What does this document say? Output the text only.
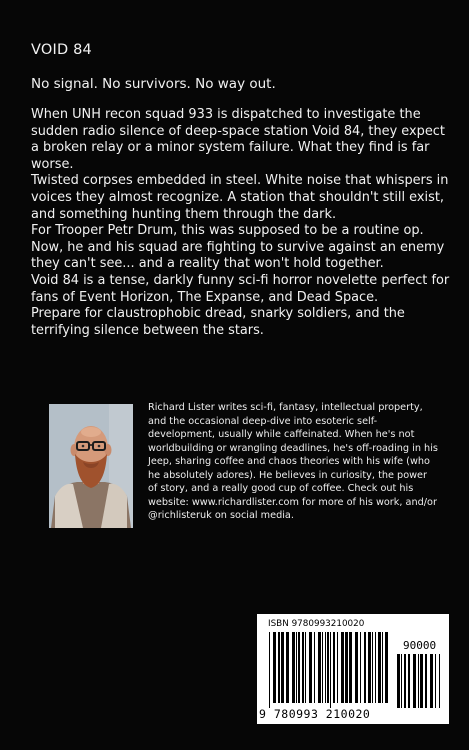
VOID 84
No signal. No survivors. No way out.

When UNH recon squad 933 is dispatched to investigate the sudden radio silence of deep-space station Void 84, they expect a broken relay or a minor system failure. What they find is far worse.

Twisted corpses embedded in steel. White noise that whispers in voices they almost recognize. A station that shouldn't still exist, and something hunting them through the dark.

For Trooper Petr Drum, this was supposed to be a routine op. Now, he and his squad are fighting to survive against an enemy they can't see... and a reality that won't hold together.

Void 84 is a tense, darkly funny sci-fi horror novelette perfect for fans of Event Horizon, The Expanse, and Dead Space.

Prepare for claustrophobic dread, snarky soldiers, and the terrifying silence between the stars.

Richard Lister writes sci-fi, fantasy, intellectual property, and the occasional deep-dive into esoteric self-development, usually while caffeinated. When he's not worldbuilding or wrangling deadlines, he's off-roading in his Jeep, sharing coffee and chaos theories with his wife (who he absolutely adores). He believes in curiosity, the power of story, and a really good cup of coffee. Check out his website: www.richardlister.com for more of his work, and/or @richlisteruk on social media.
ISBN 9780993210020
90000
9 780993 210020
